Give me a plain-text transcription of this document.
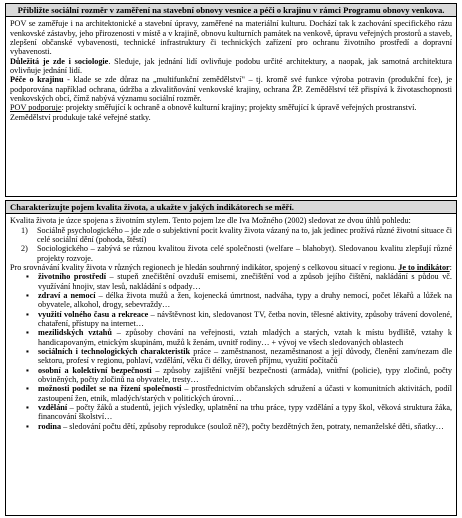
Přibližte sociální rozměr v zaměření na stavební obnovy vesnice a péči o krajinu v rámci Programu obnovy venkova.

POV se zaměřuje i na architektonické a stavební úpravy, zaměřené na materiální kulturu. Dochází tak k zachování specifického rázu venkovské zástavby, jeho přirozenosti v místě a v krajině, obnovu kulturních památek na venkově, úpravu veřejných prostorů a staveb, zlepšení občanské vybavenosti, technické infrastruktury či technických zařízení pro ochranu životního prostředí a dopravní vybavenosti.

Důležitá je zde i sociologie. Sleduje, jak jednání lidí ovlivňuje podobu určité architektury, a naopak, jak samotná architektura ovlivňuje jednání lidí.

Péče o krajinu - klade se zde důraz na „multifunkční zemědělství" – tj. kromě své funkce výroba potravin (produkční fce), je podporována například ochrana, údržba a zkvalitňování venkovské krajiny, ochrana ŽP. Zemědělství též přispívá k životaschopnosti venkovských obcí, čímž nabývá významu sociální rozměr.

POV podporuje: projekty směřující k ochraně a obnově kulturní krajiny; projekty směřující k úpravě veřejných prostranství.

Zemědělství produkuje také veřejné statky.

Charakterizujte pojem kvalita života, a ukažte v jakých indikátorech se měří.

Kvalita života je úzce spojena s životním stylem. Tento pojem lze dle Iva Možného (2002) sledovat ze dvou úhlů pohledu:

1) Sociálně psychologického – jde zde o subjektivní pocit kvality života vázaný na to, jak jedinec prožívá různé životní situace či celé sociální dění (pohoda, štěstí)
2) Sociologického – zabývá se různou kvalitou života celé společnosti (welfare – blahobyt). Sledovanou kvalitu zlepšují různé projekty rozvoje.

Pro srovnávání kvality života v různých regionech je hledán souhrnný indikátor, spojený s celkovou situací v regionu. Je to indikátor:

▪ životního prostředí – stupeň znečištění ovzduší emisemi, znečištění vod a způsob jejího čištění, nakládání s půdou vč. využívání hnojiv, stav lesů, nakládání s odpady…
▪ zdraví a nemocí – délka života mužů a žen, kojenecká úmrtnost, nadváha, typy a druhy nemocí, počet lékařů a lůžek na obyvatele, alkohol, drogy, sebevraždy…
▪ využití volného času a rekreace – návštěvnost kin, sledovanost TV, četba novin, tělesné aktivity, způsoby trávení dovolené, chataření, přístupy na internet…
▪ mezilidských vztahů – způsoby chování na veřejnosti, vztah mladých a starých, vztah k místu bydliště, vztahy k handicapovaným, etnickým skupinám, mužů k ženám, uvnitř rodiny… + vývoj ve všech sledovaných oblastech
▪ sociálních i technologických charakteristik práce – zaměstnanost, nezaměstnanost a její důvody, členění zam/nezam dle sektoru, profesí v regionu, pohlaví, vzdělání, věku či délky, úroveň příjmu, využití počítačů
▪ osobní a kolektivní bezpečnosti – způsoby zajištění vnější bezpečnosti (armáda), vnitřní (policie), typy zločinů, počty obviněných, počty zločinů na obyvatele, tresty…
▪ možnosti podílet se na řízení společnosti – prostřednictvím občanských sdružení a účasti v komunitních aktivitách, podíl zastoupení žen, etnik, mladých/starých v politických úrovní…
▪ vzdělání – počty žáků a studentů, jejich výsledky, uplatnění na trhu práce, typy vzdělání a typy škol, věková struktura žáka, financování školství…
▪ rodina – sledování počtu dětí, způsoby reprodukce (soulož ně?), počty bezdětných žen, potraty, nemanželské děti, sňatky…
